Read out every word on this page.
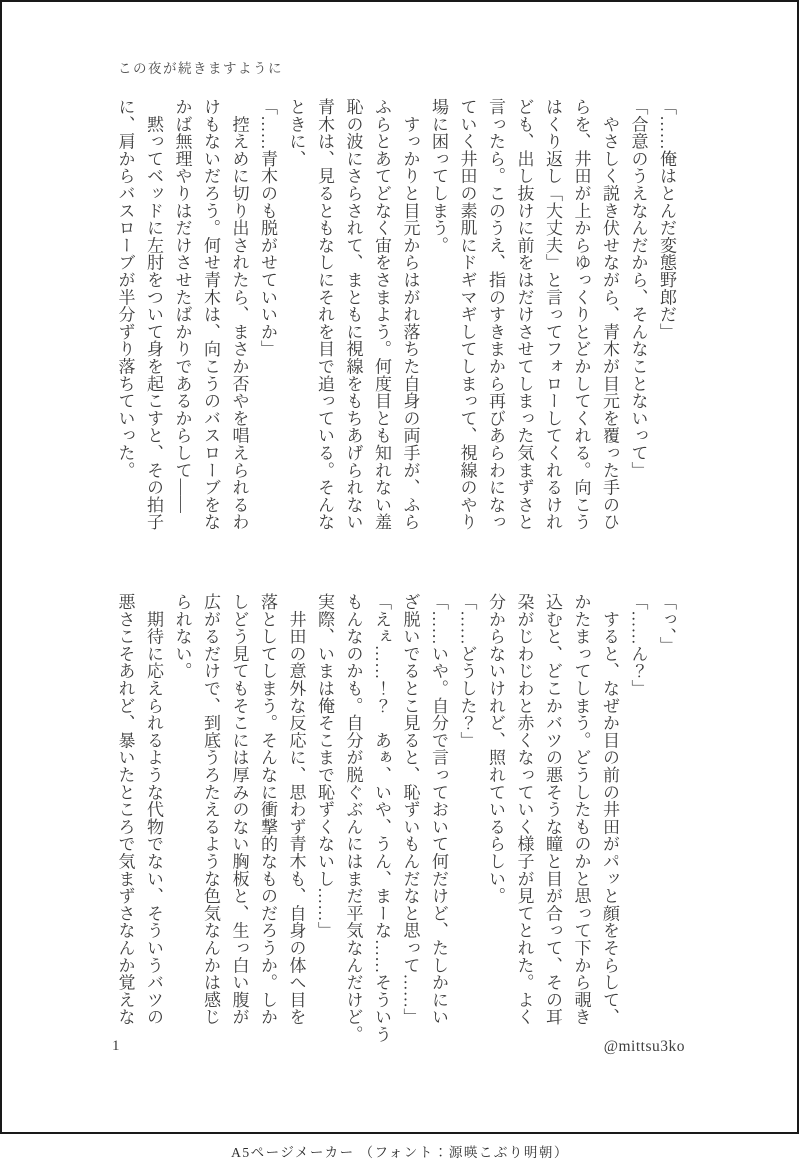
この夜が続きますように
「……俺はとんだ変態野郎だ」
「合意のうえなんだから、そんなことないって」
　やさしく説き伏せながら、青木が目元を覆った手のひ
らを、井田が上からゆっくりとどかしてくれる。向こう
はくり返し「大丈夫」と言ってフォローしてくれるけれ
ども、出し抜けに前をはだけさせてしまった気まずさと
言ったら。このうえ、指のすきまから再びあらわになっ
ていく井田の素肌にドギマギしてしまって、視線のやり
場に困ってしまう。
　すっかりと目元からはがれ落ちた自身の両手が、ふら
ふらとあてどなく宙をさまよう。何度目とも知れない羞
恥の波にさらされて、まともに視線をもちあげられない
青木は、見るともなしにそれを目で追っている。そんな
ときに、
「……青木のも脱がせていいか」
　控えめに切り出されたら、まさか否やを唱えられるわ
けもないだろう。何せ青木は、向こうのバスローブをな
かば無理やりはだけさせたばかりであるからして――
　黙ってベッドに左肘をついて身を起こすと、その拍子
に、肩からバスローブが半分ずり落ちていった。
「っ、」
「……ん？」
　すると、なぜか目の前の井田がパッと顔をそらして、
かたまってしまう。どうしたものかと思って下から覗き
込むと、どこかバツの悪そうな瞳と目が合って、その耳
朶がじわじわと赤くなっていく様子が見てとれた。よく
分からないけれど、照れているらしい。
「……どうした？」
「……いや。自分で言っておいて何だけど、たしかにい
ざ脱いでるとこ見ると、恥ずいもんだなと思って……」
「えぇ……！？　あぁ、いや、うん、まーな……そういう
もんなのかも。自分が脱ぐぶんにはまだ平気なんだけど。
実際、いまは俺そこまで恥ずくないし……」
　井田の意外な反応に、思わず青木も、自身の体へ目を
落としてしまう。そんなに衝撃的なものだろうか。しか
しどう見てもそこには厚みのない胸板と、生っ白い腹が
広がるだけで、到底うろたえるような色気なんかは感じ
られない。
　期待に応えられるような代物でない、そういうバツの
悪さこそあれど、暴いたところで気まずさなんか覚えな
1	@mittsu3ko
A5ページメーカー （フォント：源暎こぶり明朝）
